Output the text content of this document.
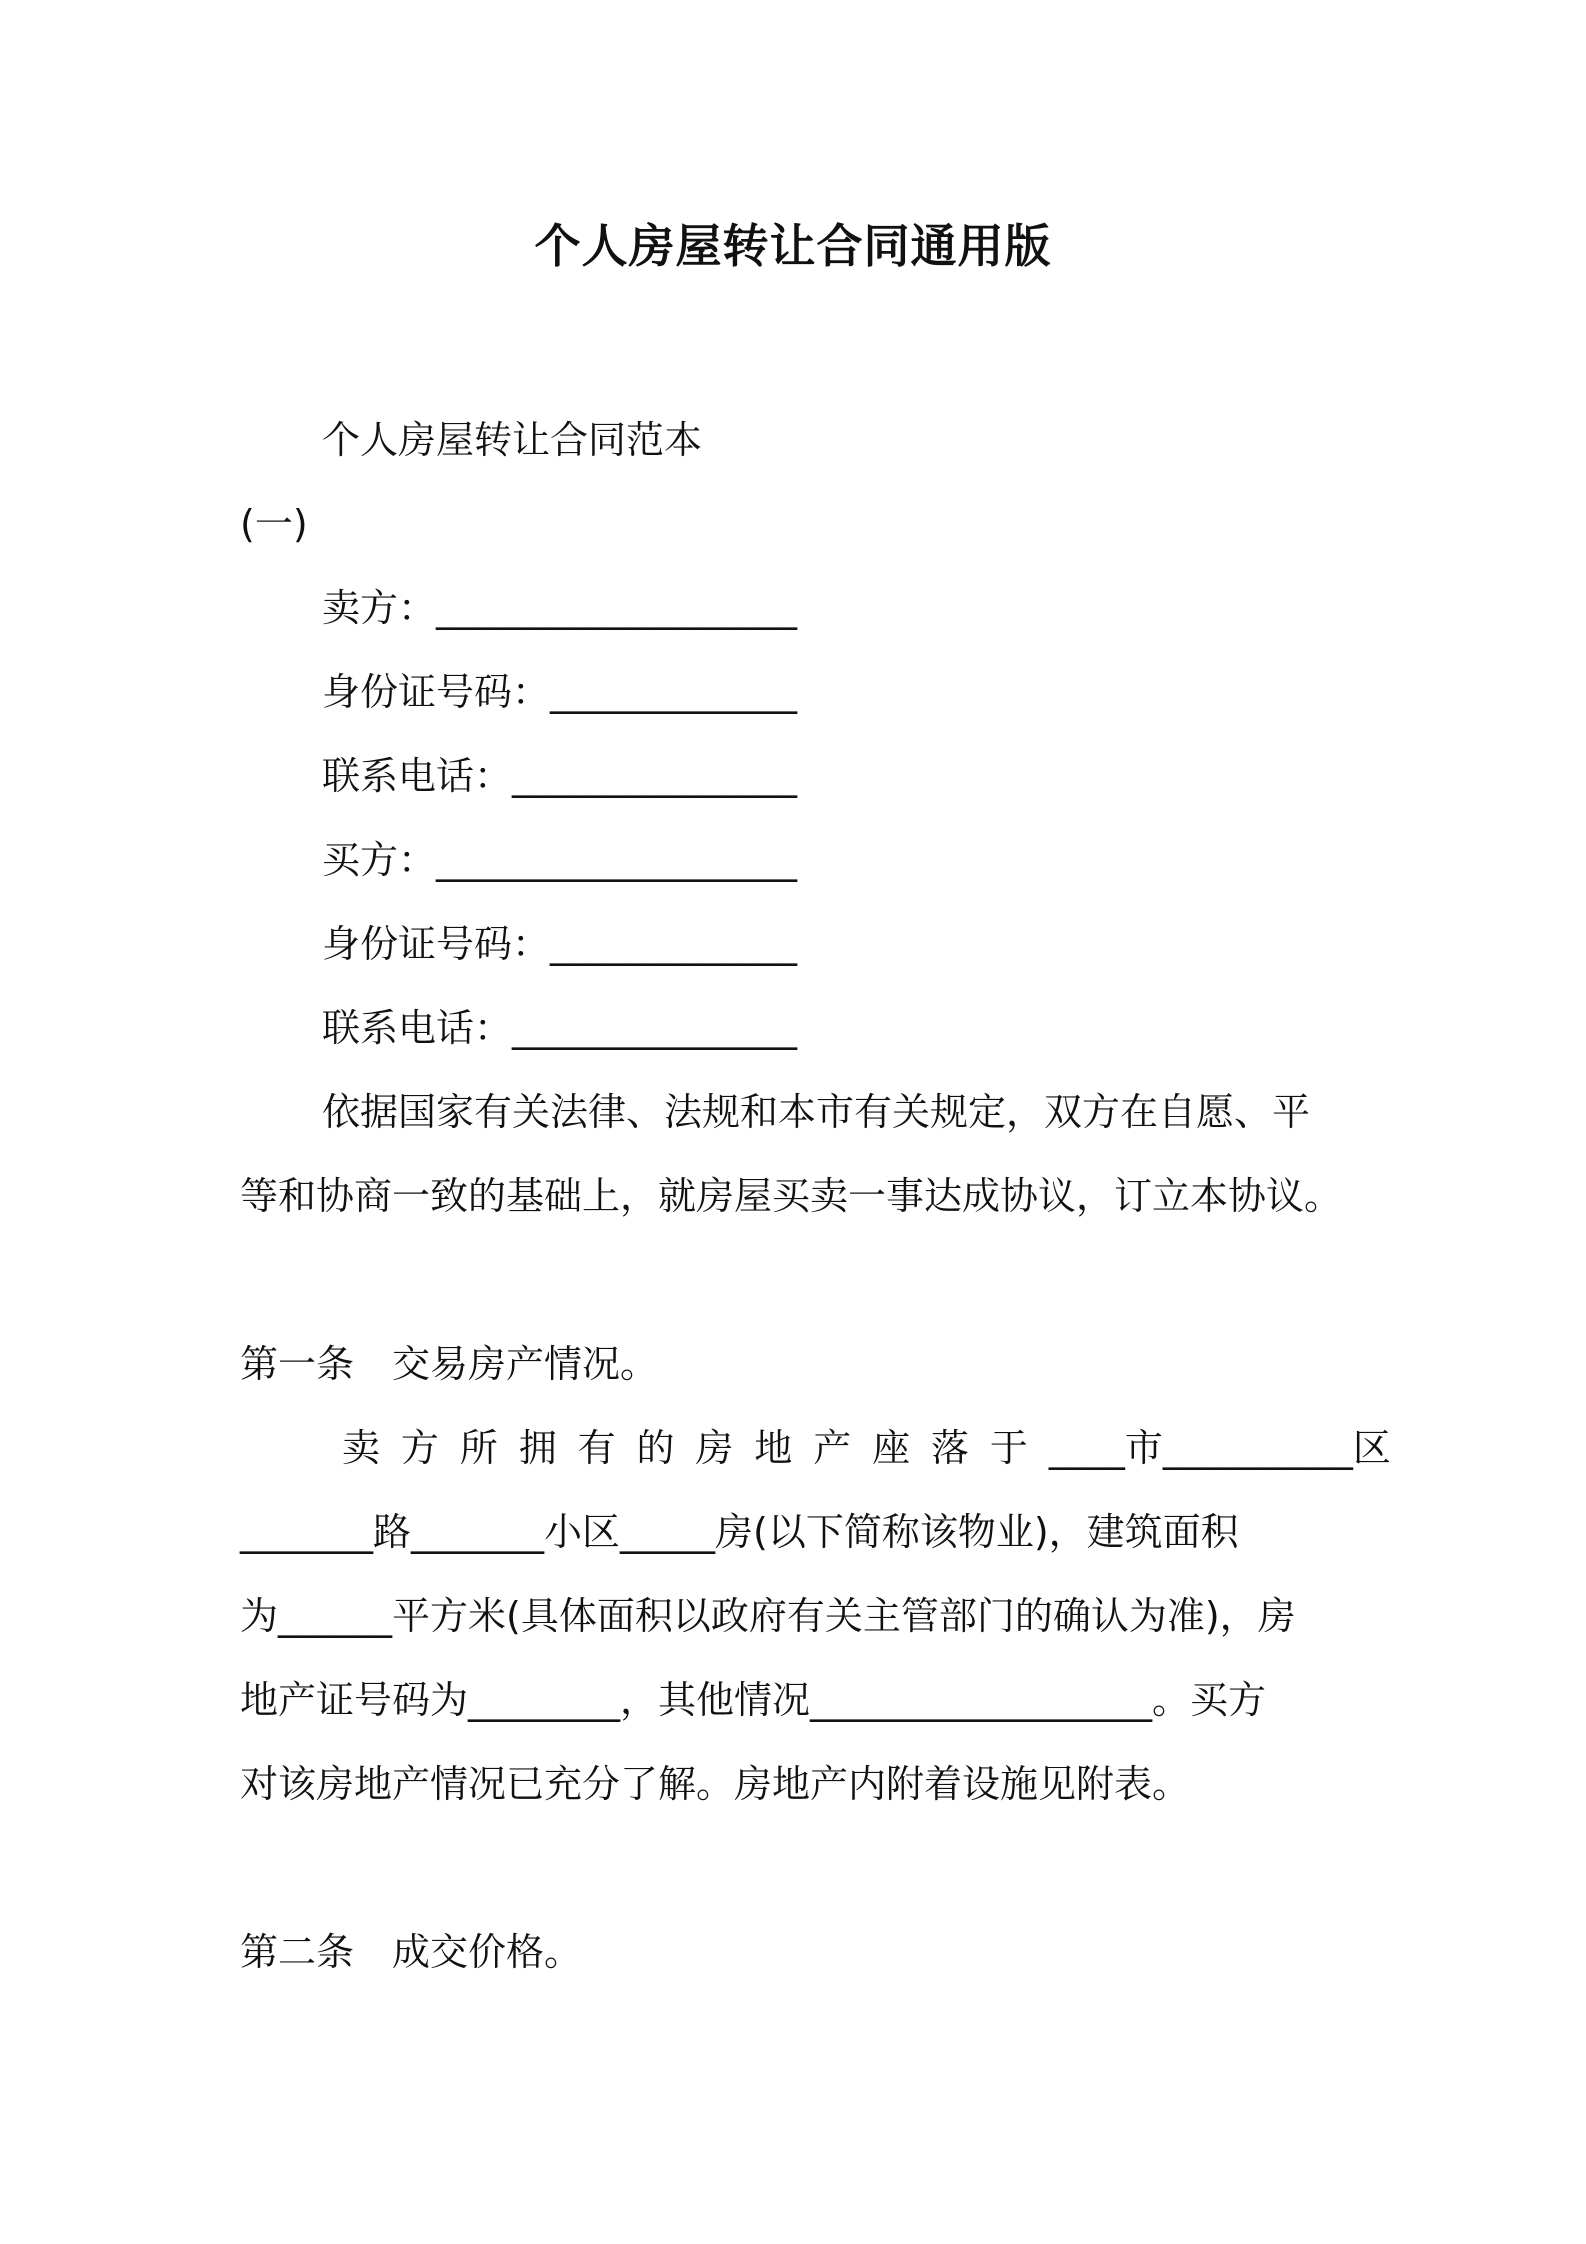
个人房屋转让合同通用版
个人房屋转让合同范本
(一)
卖方：___________________
身份证号码：_____________
联系电话：_______________
买方：___________________
身份证号码：_____________
联系电话：_______________
依据国家有关法律、法规和本市有关规定，双方在自愿、平
等和协商一致的基础上，就房屋买卖一事达成协议，订立本协议。
第一条　交易房产情况。
卖方所拥有的房地产座落于 ____市 __________区
_______路_______小区_____房(以下简称该物业)，建筑面积
为______平方米(具体面积以政府有关主管部门的确认为准)，房
地产证号码为________，其他情况__________________。买方
对该房地产情况已充分了解。房地产内附着设施见附表。
第二条　成交价格。
